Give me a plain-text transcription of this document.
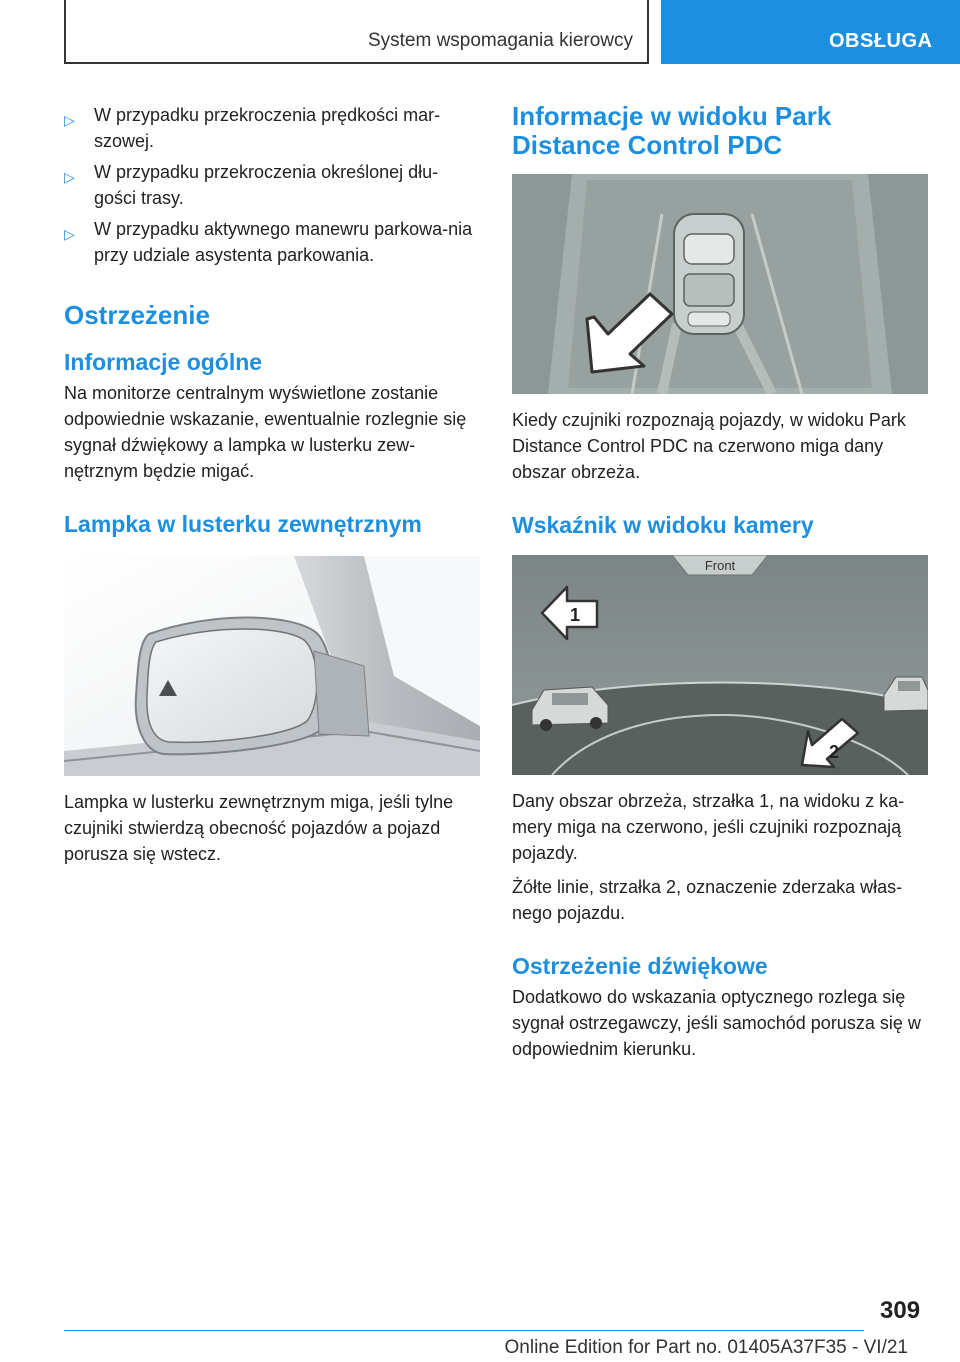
System wspomagania kierowcy	OBSŁUGA
▷ W przypadku przekroczenia prędkości mar-szowej.
▷ W przypadku przekroczenia określonej dłu-gości trasy.
▷ W przypadku aktywnego manewru parkowa-nia przy udziale asystenta parkowania.
Ostrzeżenie
Informacje ogólne

Na monitorze centralnym wyświetlone zostanie odpowiednie wskazanie, ewentualnie rozlegnie się sygnał dźwiękowy a lampka w lusterku zew-nętrznym będzie migać.

Lampka w lusterku zewnętrznym

Lampka w lusterku zewnętrznym miga, jeśli tylne czujniki stwierdzą obecność pojazdów a pojazd porusza się wstecz.

Informacje w widoku Park Distance Control PDC

Kiedy czujniki rozpoznają pojazdy, w widoku Park Distance Control PDC na czerwono miga dany obszar obrzeża.

Wskaźnik w widoku kamery
Front
1
2

Dany obszar obrzeża, strzałka 1, na widoku z ka-mery miga na czerwono, jeśli czujniki rozpoznają pojazdy.

Żółte linie, strzałka 2, oznaczenie zderzaka włas-nego pojazdu.

Ostrzeżenie dźwiękowe

Dodatkowo do wskazania optycznego rozlega się sygnał ostrzegawczy, jeśli samochód porusza się w odpowiednim kierunku.

309
Online Edition for Part no. 01405A37F35 - VI/21
